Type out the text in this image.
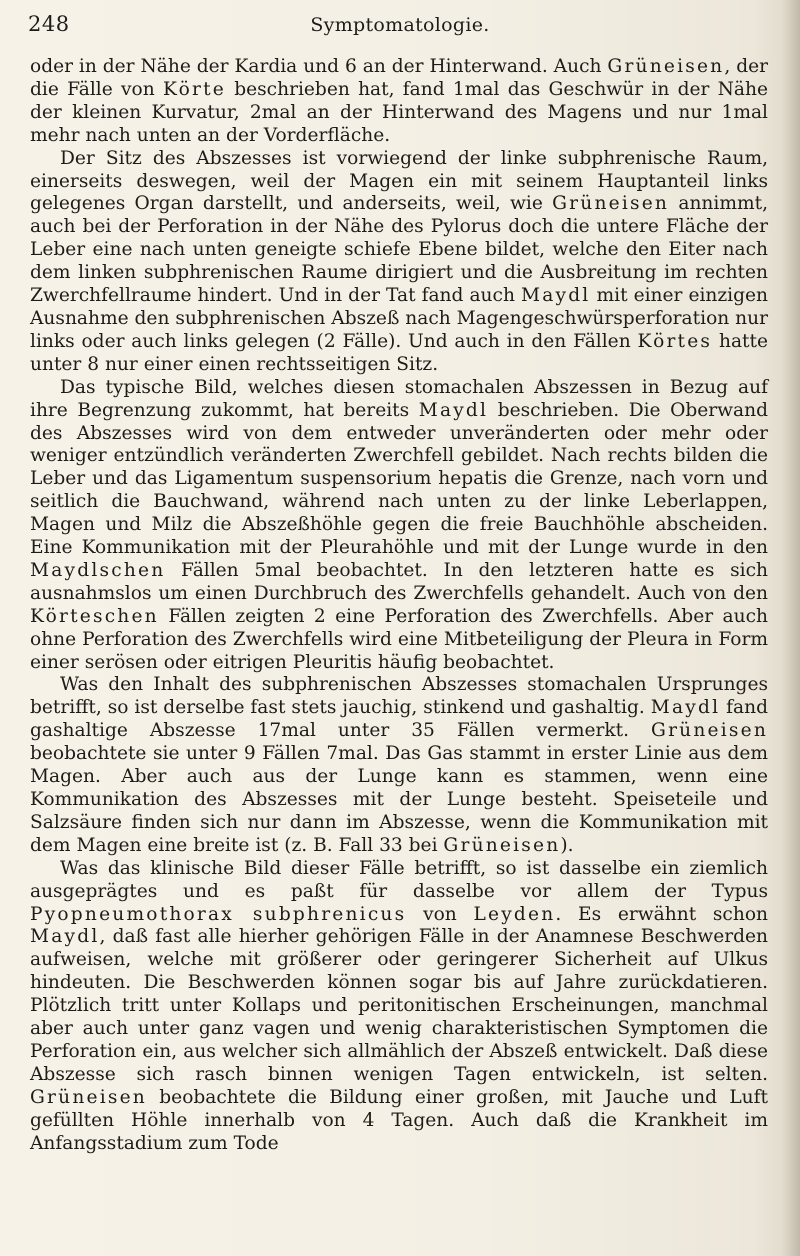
248	Symptomatologie.

oder in der Nähe der Kardia und 6 an der Hinterwand. Auch Grüneisen, der die Fälle von Körte beschrieben hat, fand 1mal das Geschwür in der Nähe der kleinen Kurvatur, 2mal an der Hinterwand des Magens und nur 1mal mehr nach unten an der Vorderfläche.

Der Sitz des Abszesses ist vorwiegend der linke subphrenische Raum, einerseits deswegen, weil der Magen ein mit seinem Hauptanteil links gelegenes Organ darstellt, und anderseits, weil, wie Grüneisen annimmt, auch bei der Perforation in der Nähe des Pylorus doch die untere Fläche der Leber eine nach unten geneigte schiefe Ebene bildet, welche den Eiter nach dem linken subphrenischen Raume dirigiert und die Ausbreitung im rechten Zwerchfellraume hindert. Und in der Tat fand auch Maydl mit einer einzigen Ausnahme den subphrenischen Abszeß nach Magengeschwürsperforation nur links oder auch links gelegen (2 Fälle). Und auch in den Fällen Körtes hatte unter 8 nur einer einen rechtsseitigen Sitz.

Das typische Bild, welches diesen stomachalen Abszessen in Bezug auf ihre Begrenzung zukommt, hat bereits Maydl beschrieben. Die Oberwand des Abszesses wird von dem entweder unveränderten oder mehr oder weniger entzündlich veränderten Zwerchfell gebildet. Nach rechts bilden die Leber und das Ligamentum suspensorium hepatis die Grenze, nach vorn und seitlich die Bauchwand, während nach unten zu der linke Leberlappen, Magen und Milz die Abszeßhöhle gegen die freie Bauchhöhle abscheiden. Eine Kommunikation mit der Pleurahöhle und mit der Lunge wurde in den Maydlschen Fällen 5mal beobachtet. In den letzteren hatte es sich ausnahmslos um einen Durchbruch des Zwerchfells gehandelt. Auch von den Körteschen Fällen zeigten 2 eine Perforation des Zwerchfells. Aber auch ohne Perforation des Zwerchfells wird eine Mitbeteiligung der Pleura in Form einer serösen oder eitrigen Pleuritis häufig beobachtet.

Was den Inhalt des subphrenischen Abszesses stomachalen Ursprunges betrifft, so ist derselbe fast stets jauchig, stinkend und gashaltig. Maydl fand gashaltige Abszesse 17mal unter 35 Fällen vermerkt. Grüneisen beobachtete sie unter 9 Fällen 7mal. Das Gas stammt in erster Linie aus dem Magen. Aber auch aus der Lunge kann es stammen, wenn eine Kommunikation des Abszesses mit der Lunge besteht. Speiseteile und Salzsäure finden sich nur dann im Abszesse, wenn die Kommunikation mit dem Magen eine breite ist (z. B. Fall 33 bei Grüneisen).

Was das klinische Bild dieser Fälle betrifft, so ist dasselbe ein ziemlich ausgeprägtes und es paßt für dasselbe vor allem der Typus Pyopneumothorax subphrenicus von Leyden. Es erwähnt schon Maydl, daß fast alle hierher gehörigen Fälle in der Anamnese Beschwerden aufweisen, welche mit größerer oder geringerer Sicherheit auf Ulkus hindeuten. Die Beschwerden können sogar bis auf Jahre zurückdatieren. Plötzlich tritt unter Kollaps und peritonitischen Erscheinungen, manchmal aber auch unter ganz vagen und wenig charakteristischen Symptomen die Perforation ein, aus welcher sich allmählich der Abszeß entwickelt. Daß diese Abszesse sich rasch binnen wenigen Tagen entwickeln, ist selten. Grüneisen beobachtete die Bildung einer großen, mit Jauche und Luft gefüllten Höhle innerhalb von 4 Tagen. Auch daß die Krankheit im Anfangsstadium zum Tode
